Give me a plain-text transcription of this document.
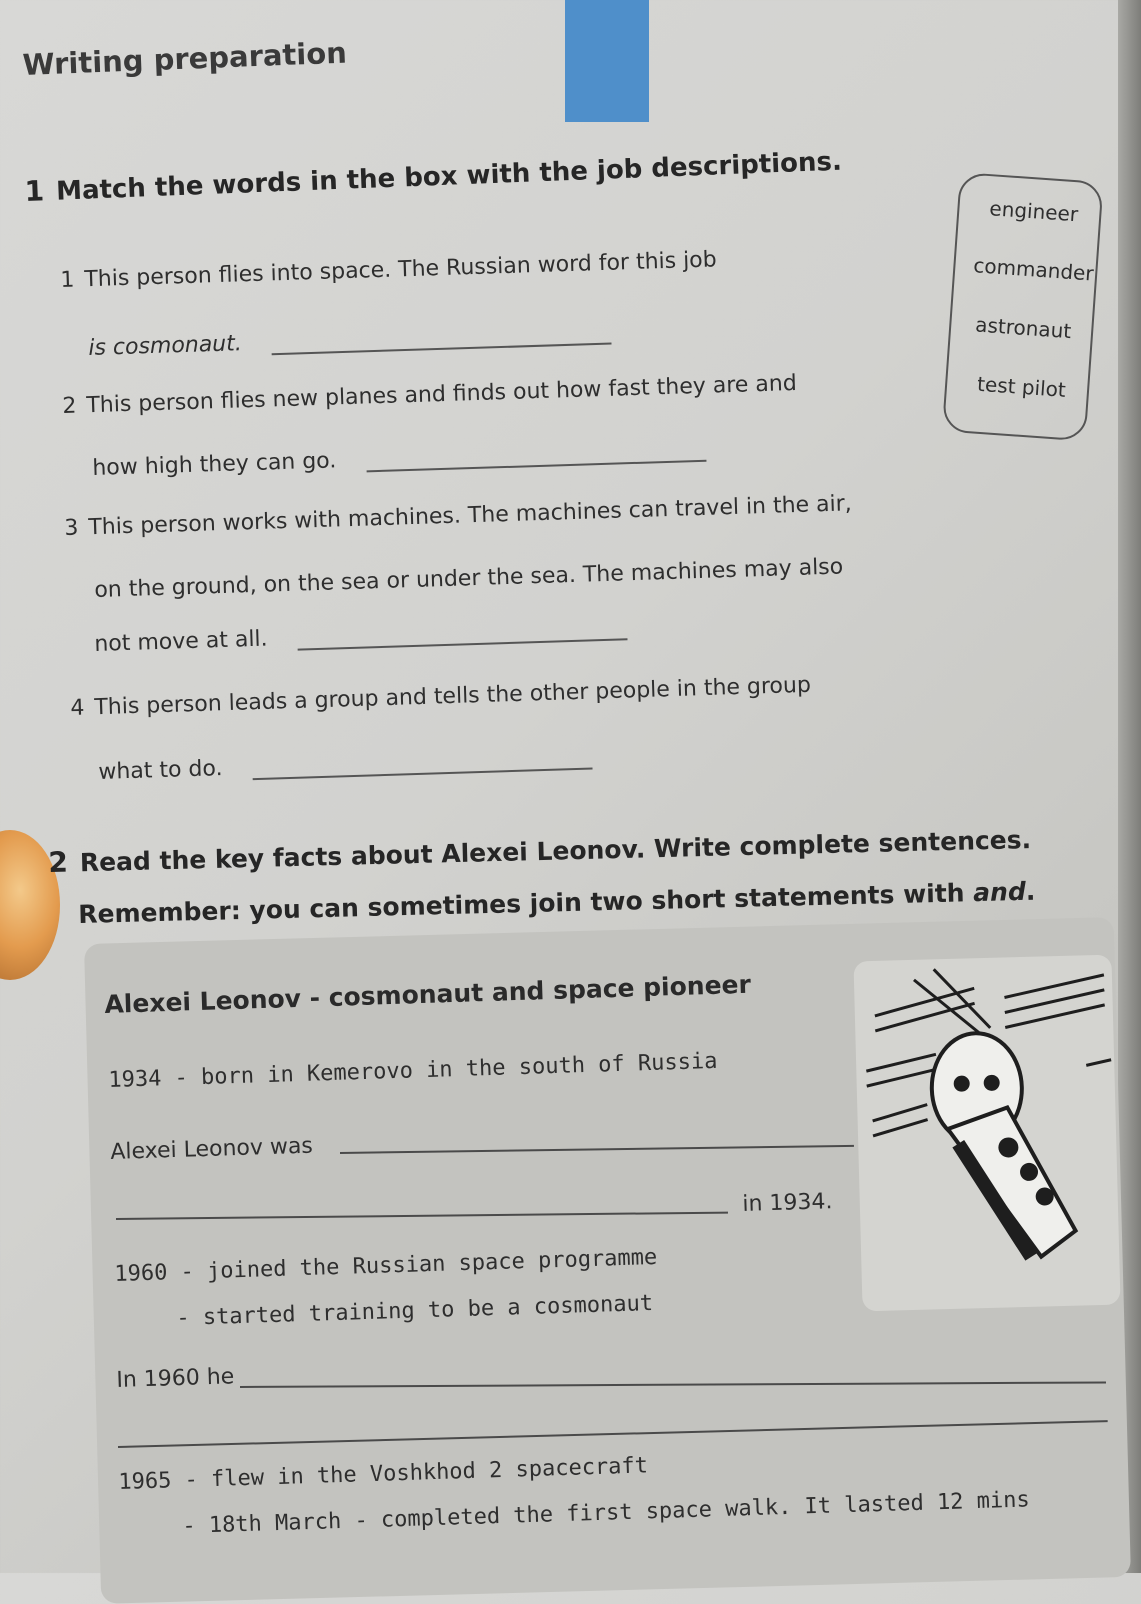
Writing preparation
1 Match the words in the box with the job descriptions.
engineer
commander
astronaut
test pilot
1 This person flies into space. The Russian word for this job
is cosmonaut.
2 This person flies new planes and finds out how fast they are and
how high they can go.
3 This person works with machines. The machines can travel in the air,
on the ground, on the sea or under the sea. The machines may also
not move at all.
4 This person leads a group and tells the other people in the group
what to do.
2 Read the key facts about Alexei Leonov. Write complete sentences.
Remember: you can sometimes join two short statements with and.
Alexei Leonov - cosmonaut and space pioneer
1934 - born in Kemerovo in the south of Russia
Alexei Leonov was
in 1934.
1960 - joined the Russian space programme
- started training to be a cosmonaut
In 1960 he
1965 - flew in the Voshkhod 2 spacecraft
- 18th March - completed the first space walk. It lasted 12 mins
